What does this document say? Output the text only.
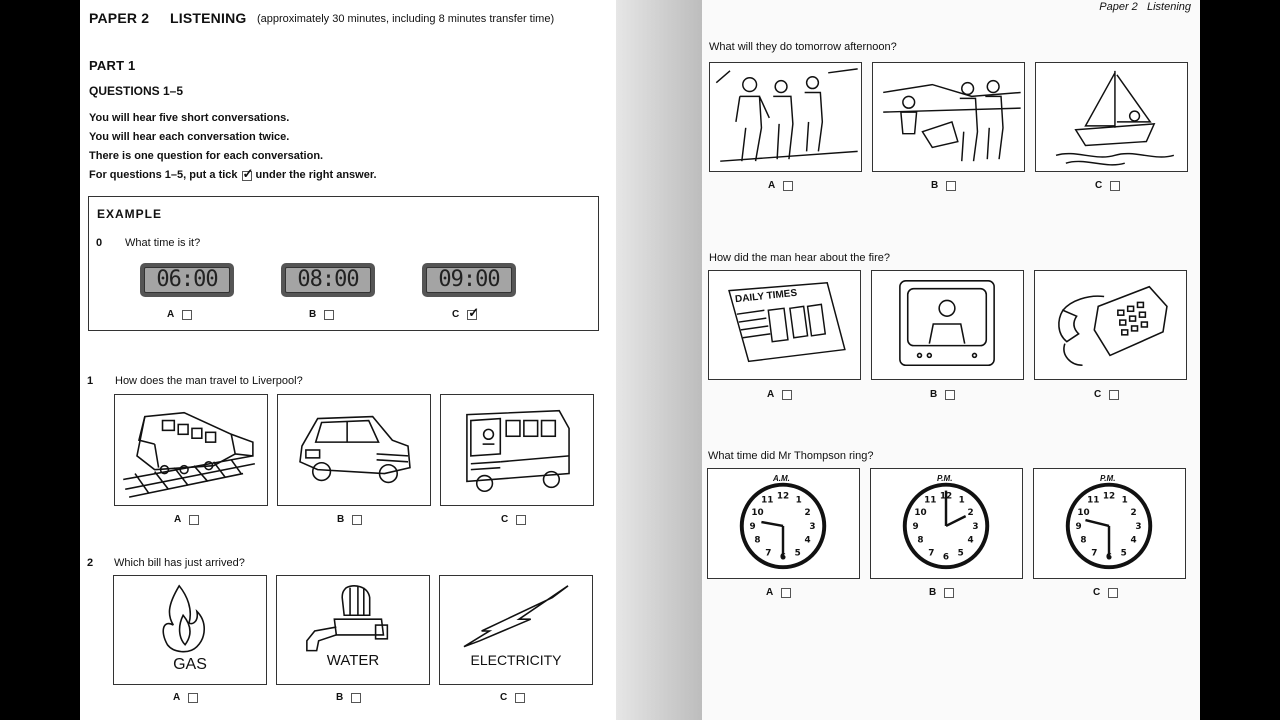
PAPER 2 LISTENING (approximately 30 minutes, including 8 minutes transfer time)
PART 1
QUESTIONS 1–5
You will hear five short conversations.
You will hear each conversation twice.
There is one question for each conversation.
For questions 1–5, put a tick ✓ under the right answer.
EXAMPLE
0 What time is it?
06:00	08:00	09:00
A	B	C ✓
1 How does the man travel to Liverpool?
A	B	C
2 Which bill has just arrived?
GAS	WATER	ELECTRICITY
A	B	C
Paper 2   Listening
What will they do tomorrow afternoon?
A	B	C
How did the man hear about the fire?
DAILY TIMES
A	B	C
What time did Mr Thompson ring?
A.M.
12 1
2
3
4
5
6
7
8
9
10
11
P.M.
12 1
2
3
4
5
6
7
8
9
10
11
P.M.
12 1
2
3
4
5
6
7
8
9
10
11
A	B	C
